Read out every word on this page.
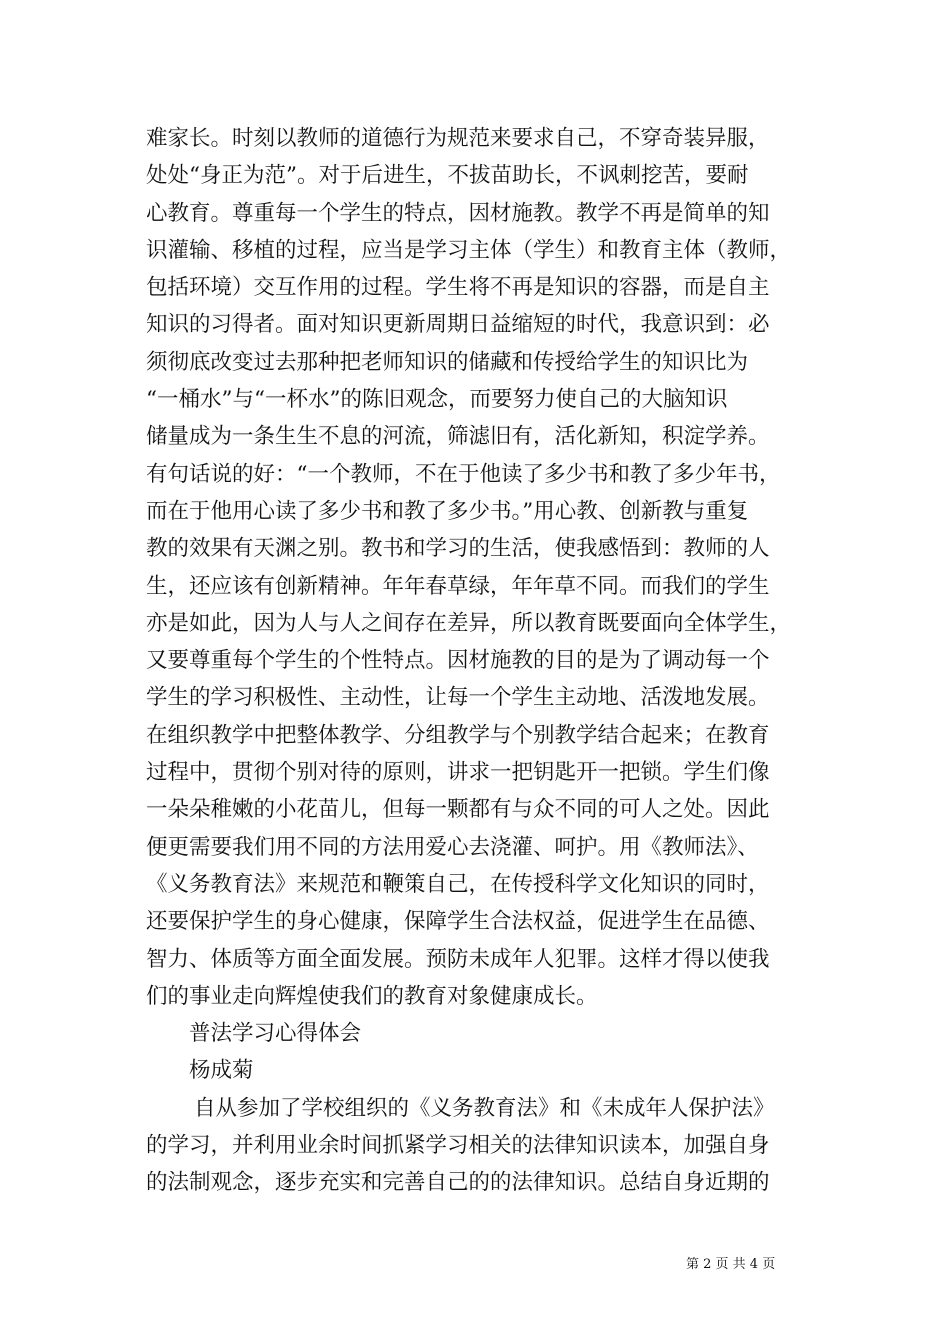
难家长。时刻以教师的道德行为规范来要求自己，不穿奇装异服，
处处“身正为范”。对于后进生，不拔苗助长，不讽刺挖苦，要耐
心教育。尊重每一个学生的特点，因材施教。教学不再是简单的知
识灌输、移植的过程，应当是学习主体（学生）和教育主体（教师，
包括环境）交互作用的过程。学生将不再是知识的容器，而是自主
知识的习得者。面对知识更新周期日益缩短的时代，我意识到：必
须彻底改变过去那种把老师知识的储藏和传授给学生的知识比为
“一桶水”与“一杯水”的陈旧观念，而要努力使自己的大脑知识
储量成为一条生生不息的河流，筛滤旧有，活化新知，积淀学养。
有句话说的好：“一个教师，不在于他读了多少书和教了多少年书，
而在于他用心读了多少书和教了多少书。”用心教、创新教与重复
教的效果有天渊之别。教书和学习的生活，使我感悟到：教师的人
生，还应该有创新精神。年年春草绿，年年草不同。而我们的学生
亦是如此，因为人与人之间存在差异，所以教育既要面向全体学生，
又要尊重每个学生的个性特点。因材施教的目的是为了调动每一个
学生的学习积极性、主动性，让每一个学生主动地、活泼地发展。
在组织教学中把整体教学、分组教学与个别教学结合起来；在教育
过程中，贯彻个别对待的原则，讲求一把钥匙开一把锁。学生们像
一朵朵稚嫩的小花苗儿，但每一颗都有与众不同的可人之处。因此
便更需要我们用不同的方法用爱心去浇灌、呵护。用《教师法》、
《义务教育法》来规范和鞭策自己，在传授科学文化知识的同时，
还要保护学生的身心健康，保障学生合法权益，促进学生在品德、
智力、体质等方面全面发展。预防未成年人犯罪。这样才得以使我
们的事业走向辉煌使我们的教育对象健康成长。
普法学习心得体会
杨成菊
自从参加了学校组织的《义务教育法》和《未成年人保护法》
的学习，并利用业余时间抓紧学习相关的法律知识读本，加强自身
的法制观念，逐步充实和完善自己的的法律知识。总结自身近期的
第 2 页 共 4 页
